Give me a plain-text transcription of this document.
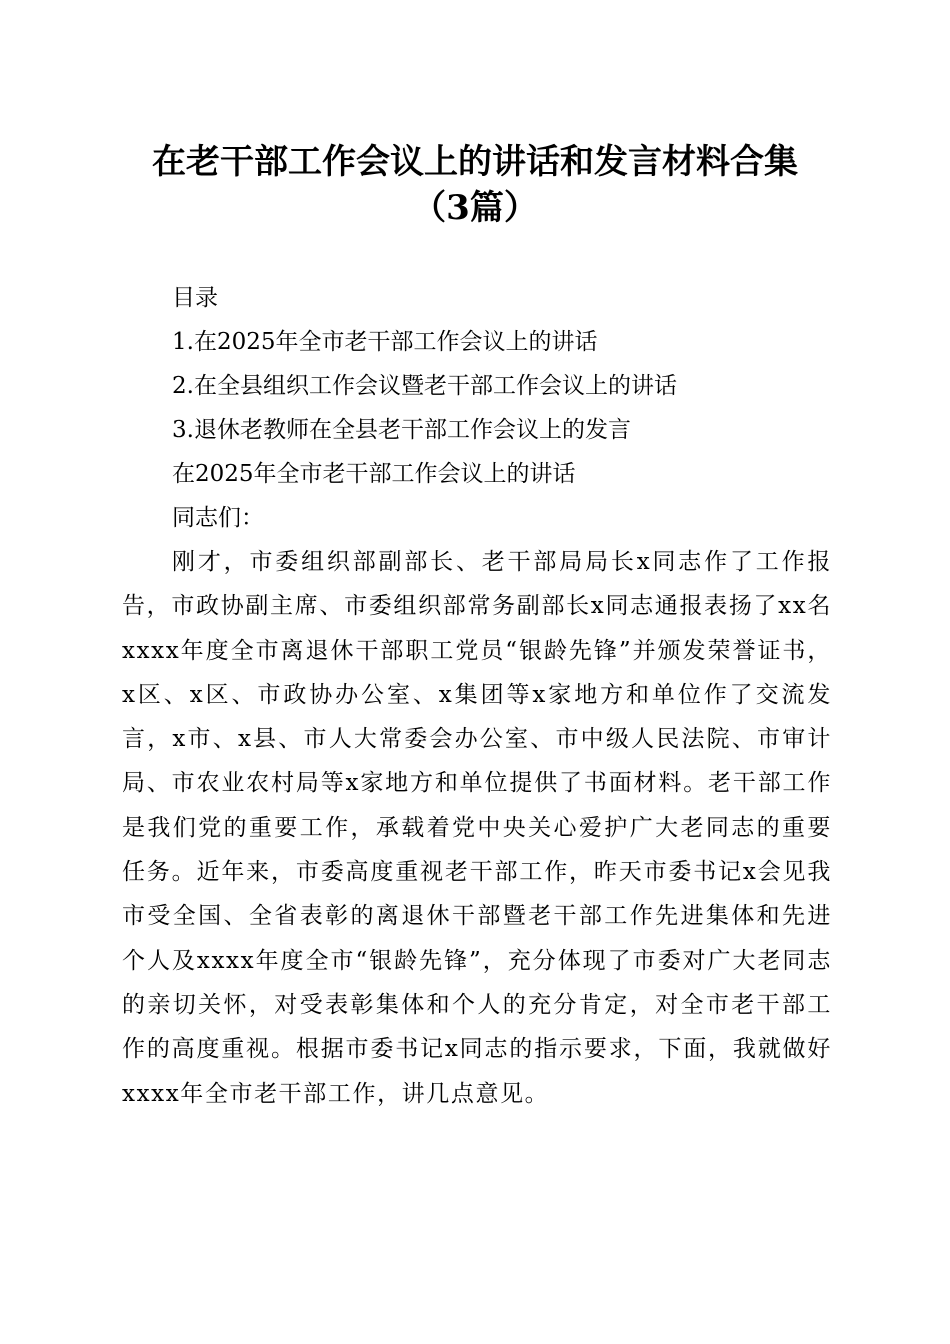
在老干部工作会议上的讲话和发言材料合集
（3篇）
目录
1.在2025年全市老干部工作会议上的讲话
2.在全县组织工作会议暨老干部工作会议上的讲话
3.退休老教师在全县老干部工作会议上的发言
在2025年全市老干部工作会议上的讲话
同志们：

刚才，市委组织部副部长、老干部局局长x同志作了工作报告，市政协副主席、市委组织部常务副部长x同志通报表扬了xx名xxxx年度全市离退休干部职工党员“银龄先锋”并颁发荣誉证书，x区、x区、市政协办公室、x集团等x家地方和单位作了交流发言，x市、x县、市人大常委会办公室、市中级人民法院、市审计局、市农业农村局等x家地方和单位提供了书面材料。老干部工作是我们党的重要工作，承载着党中央关心爱护广大老同志的重要任务。近年来，市委高度重视老干部工作，昨天市委书记x会见我市受全国、全省表彰的离退休干部暨老干部工作先进集体和先进个人及xxxx年度全市“银龄先锋”，充分体现了市委对广大老同志的亲切关怀，对受表彰集体和个人的充分肯定，对全市老干部工作的高度重视。根据市委书记x同志的指示要求，下面，我就做好xxxx年全市老干部工作，讲几点意见。
